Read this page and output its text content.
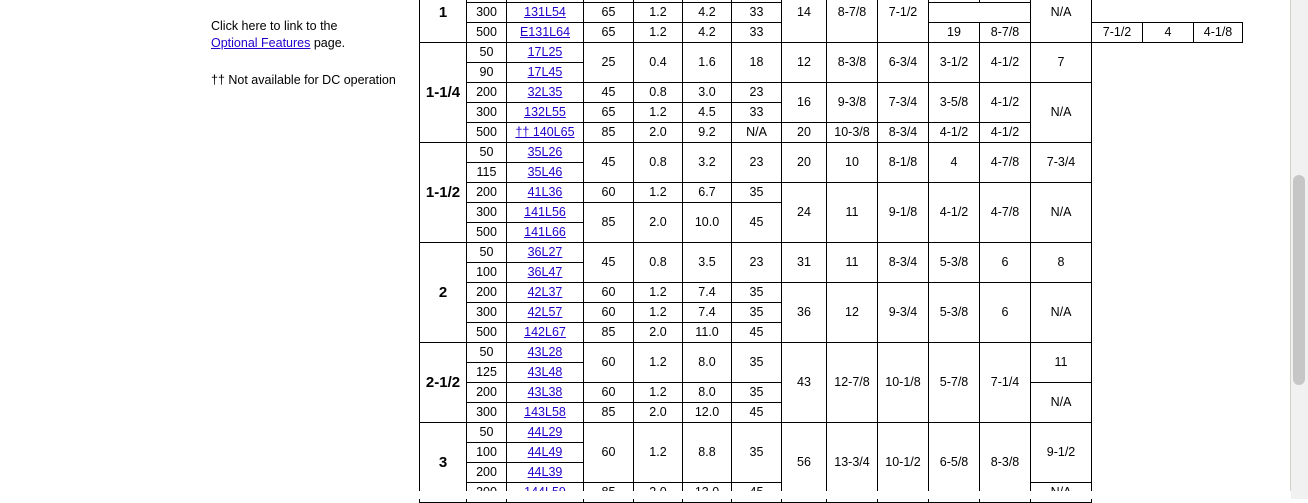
Click here to link to the
Optional Features page.
†† Not available for DC operation
1							14	8-7/8	7-1/2			N/A			
	300	131L54	65	1.2	4.2	33									
	500	E131L64	65	1.2	4.2	33				19	8-7/8		7-1/2	4	4-1/8
1-1/4	50	17L25	25	0.4	1.6	18	12	8-3/8	6-3/4	3-1/2	4-1/2	7			
	90	17L45													
	200	32L35	45	0.8	3.0	23	16	9-3/8	7-3/4	3-5/8	4-1/2	N/A			
	300	132L55	65	1.2	4.5	33									
	500	†† 140L65	85	2.0	9.2	N/A	20	10-3/8	8-3/4	4-1/2	4-1/2				
1-1/2	50	35L26	45	0.8	3.2	23	20	10	8-1/8	4	4-7/8	7-3/4			
	115	35L46													
	200	41L36	60	1.2	6.7	35	24	11	9-1/8	4-1/2	4-7/8	N/A			
	300	141L56	85	2.0	10.0	45									
	500	141L66													
2	50	36L27	45	0.8	3.5	23	31	11	8-3/4	5-3/8	6	8			
	100	36L47													
	200	42L37	60	1.2	7.4	35	36	12	9-3/4	5-3/8	6	N/A			
	300	42L57	60	1.2	7.4	35									
	500	142L67	85	2.0	11.0	45									
2-1/2	50	43L28	60	1.2	8.0	35	43	12-7/8	10-1/8	5-7/8	7-1/4	11			
	125	43L48													
	200	43L38	60	1.2	8.0	35						N/A			
	300	143L58	85	2.0	12.0	45									
3	50	44L29	60	1.2	8.8	35	56	13-3/4	10-1/2	6-5/8	8-3/8	9-1/2			
	100	44L49													
	200	44L39													
